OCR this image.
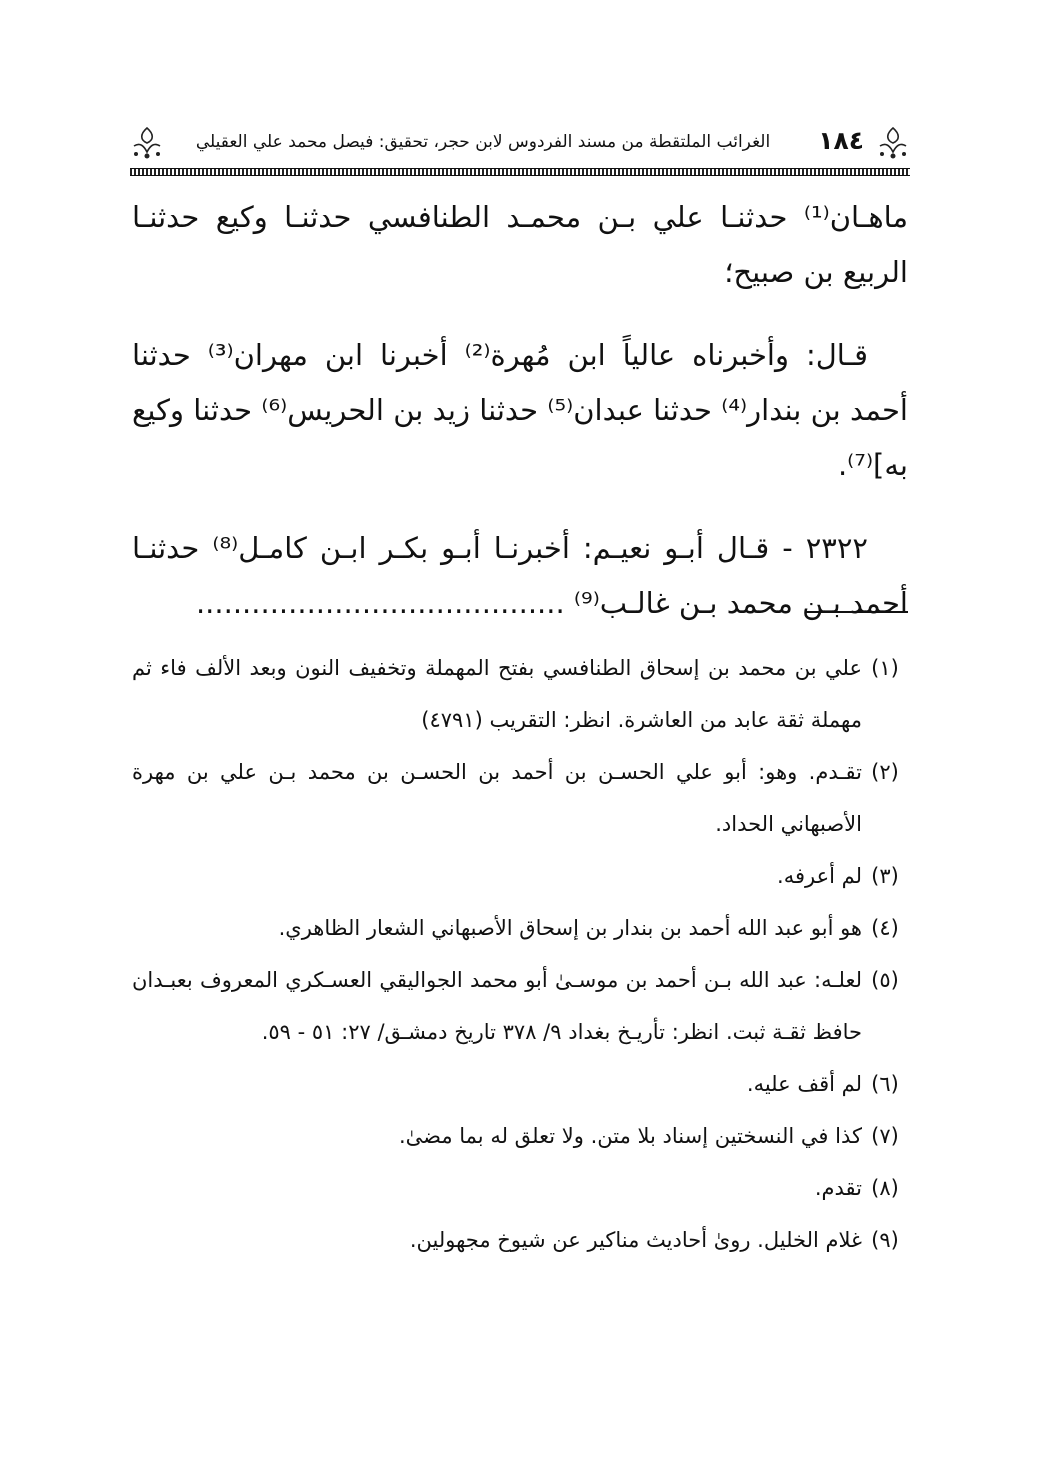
١٨٤
الغرائب الملتقطة من مسند الفردوس لابن حجر، تحقيق: فيصل محمد علي العقيلي

ماهـان⁽¹⁾ حدثنـا علي بـن محمـد الطنافسي حدثنـا وكيع حدثنـا الربيع بن صبيح؛

قـال: وأخبرناه عالياً ابن مُهرة⁽²⁾ أخبرنا ابن مهران⁽³⁾ حدثنا أحمد بن بندار⁽⁴⁾ حدثنا عبدان⁽⁵⁾ حدثنا زيد بن الحريس⁽⁶⁾ حدثنا وكيع به]⁽⁷⁾.

٢٣٢٢ - قـال أبـو نعيـم: أخبرنـا أبـو بكـر ابـن كامـل⁽⁸⁾ حدثنـا أحمد بـن محمد بـن غالـب⁽⁹⁾ ........................................

(١)
علي بن محمد بن إسحاق الطنافسي بفتح المهملة وتخفيف النون وبعد الألف فاء ثم مهملة ثقة عابد من العاشرة. انظر: التقريب (٤٧٩١)
(٢)
تقـدم. وهو: أبو علي الحسـن بن أحمد بن الحسـن بن محمد بـن علي بن مهرة الأصبهاني الحداد.
(٣)
لم أعرفه.
(٤)
هو أبو عبد الله أحمد بن بندار بن إسحاق الأصبهاني الشعار الظاهري.
(٥)
لعلـه: عبد الله بـن أحمد بن موسـىٰ أبو محمد الجواليقي العسـكري المعروف بعبـدان حافظ ثقـة ثبت. انظر: تأريـخ بغداد ٩/ ٣٧٨ تاريخ دمشـق/ ٢٧: ٥١ - ٥٩.
(٦)
لم أقف عليه.
(٧)
كذا في النسختين إسناد بلا متن. ولا تعلق له بما مضىٰ.
(٨)
تقدم.
(٩)
غلام الخليل. روىٰ أحاديث مناكير عن شيوخ مجهولين.
